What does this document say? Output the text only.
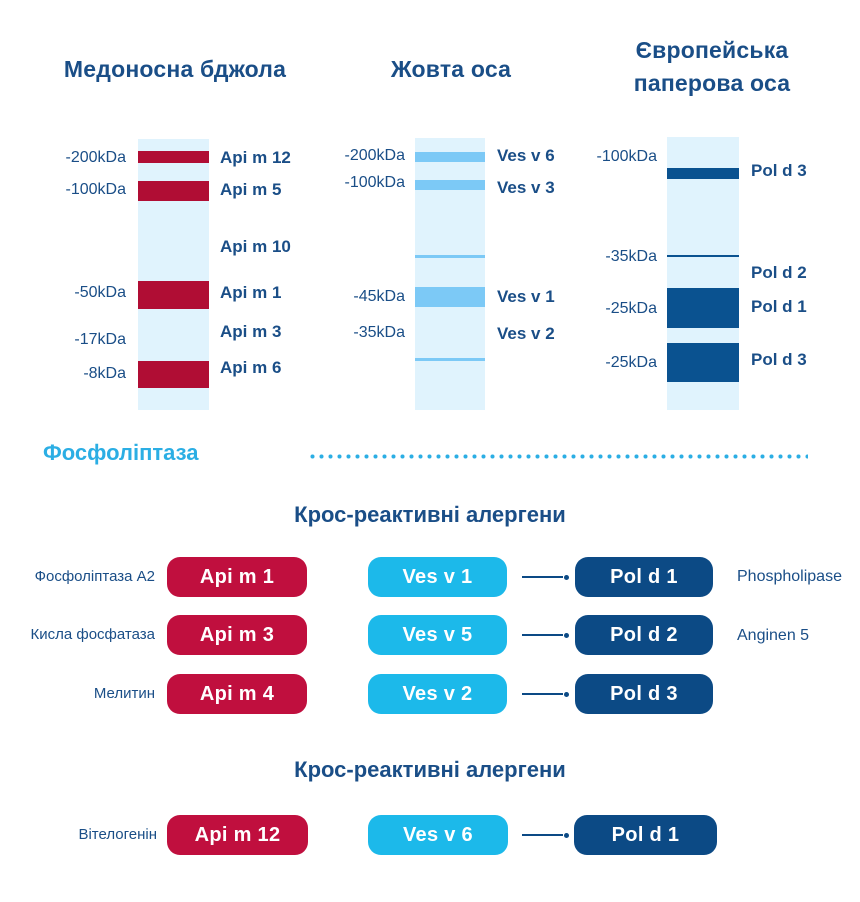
Медоносна бджола	Жовта оса
Європейська паперова оса
-200kDa
-100kDa
-50kDa
-17kDa
-8kDa
Api m 12
Api m 5
Api m 10
Api m 1
Api m 3
Api m 6
-200kDa
-100kDa
-45kDa
-35kDa
Ves v 6
Ves v 3
Ves v 1
Ves v 2
-100kDa
-35kDa
-25kDa
-25kDa
Pol d 3
Pol d 2
Pol d 1
Pol d 3
Фосфоліптаза
Крос-реактивні алергени
Фосфоліптаза А2	Api m 1	Ves v 1	Pol d 1	Phospholipase
Кисла фосфатаза	Api m 3	Ves v 5	Pol d 2	Anginen 5
Мелитин	Api m 4	Ves v 2	Pol d 3
Крос-реактивні алергени
Вітелогенін	Api m 12	Ves v 6	Pol d 1
